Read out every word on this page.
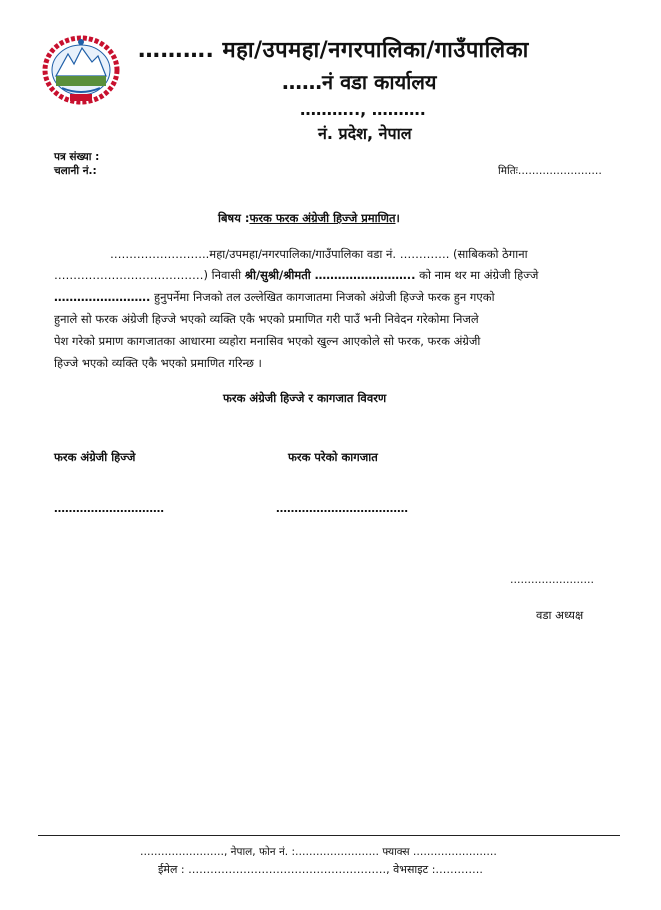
………. महा/उपमहा/नगरपालिका/गाउँपालिका
……नं वडा कार्यालय
……….., ……….
नं. प्रदेश, नेपाल
पत्र संख्या :
चलानी नं.:	मितिः……………………
बिषय :फरक फरक अंग्रेजी हिज्जे प्रमाणित।
……………………..महा/उपमहा/नगरपालिका/गाउँपालिका वडा नं. …………. (साबिकको ठेगाना
…………………………………) निवासी श्री/सुश्री/श्रीमती …………………….. को नाम थर मा अंग्रेजी हिज्जे
……………………. हुनुपर्नेमा निजको तल उल्लेखित कागजातमा निजको अंग्रेजी हिज्जे फरक हुन गएको
हुनाले सो फरक अंग्रेजी हिज्जे भएको व्यक्ति एकै भएको प्रमाणित गरी पाउँ भनी निवेदन गरेकोमा निजले
पेश गरेको प्रमाण कागजातका आधारमा व्यहोरा मनासिव भएको खुल्न आएकोले सो फरक, फरक अंग्रेजी
हिज्जे भएको व्यक्ति एकै भएको प्रमाणित गरिन्छ ।
फरक अंग्रेजी हिज्जे र कागजात विवरण
फरक अंग्रेजी हिज्जे	फरक परेको कागजात
…………………………	………………………………
……………………
वडा अध्यक्ष
……………………, नेपाल, फोन नं. :…………………… फ्याक्स ……………………
ईमेल : ………………………………………………, वेभसाइट :………….
